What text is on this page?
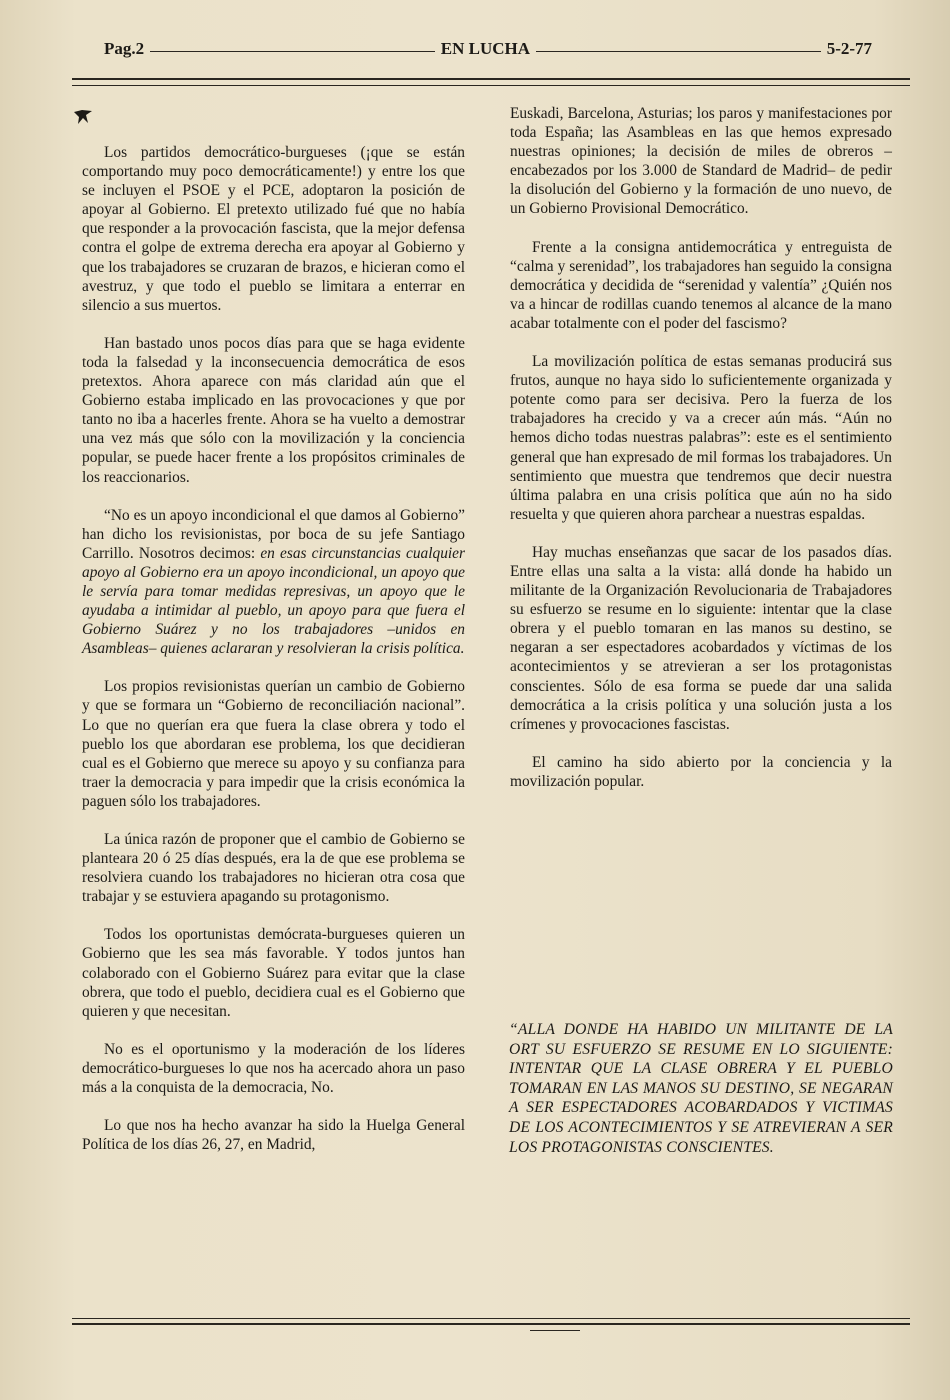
Pag.2	EN LUCHA	5-2-77

Los partidos democrático-burgueses (¡que se están comportando muy poco democráticamente!) y entre los que se incluyen el PSOE y el PCE, adoptaron la posición de apoyar al Gobierno. El pretexto utilizado fué que no había que responder a la provocación fascista, que la mejor defensa contra el golpe de extrema derecha era apoyar al Gobierno y que los trabajadores se cruzaran de brazos, e hicieran como el avestruz, y que todo el pueblo se limitara a enterrar en silencio a sus muertos.

Han bastado unos pocos días para que se haga evidente toda la falsedad y la inconsecuencia democrática de esos pretextos. Ahora aparece con más claridad aún que el Gobierno estaba implicado en las provocaciones y que por tanto no iba a hacerles frente. Ahora se ha vuelto a demostrar una vez más que sólo con la movilización y la conciencia popular, se puede hacer frente a los propósitos criminales de los reaccionarios.

“No es un apoyo incondicional el que damos al Gobierno” han dicho los revisionistas, por boca de su jefe Santiago Carrillo. Nosotros decimos: en esas circunstancias cualquier apoyo al Gobierno era un apoyo incondicional, un apoyo que le servía para tomar medidas represivas, un apoyo que le ayudaba a intimidar al pueblo, un apoyo para que fuera el Gobierno Suárez y no los trabajadores –unidos en Asambleas– quienes aclararan y resolvieran la crisis política.

Los propios revisionistas querían un cambio de Gobierno y que se formara un “Gobierno de reconciliación nacional”. Lo que no querían era que fuera la clase obrera y todo el pueblo los que abordaran ese problema, los que decidieran cual es el Gobierno que merece su apoyo y su confianza para traer la democracia y para impedir que la crisis económica la paguen sólo los trabajadores.

La única razón de proponer que el cambio de Gobierno se planteara 20 ó 25 días después, era la de que ese problema se resolviera cuando los trabajadores no hicieran otra cosa que trabajar y se estuviera apagando su protagonismo.

Todos los oportunistas demócrata-burgueses quieren un Gobierno que les sea más favorable. Y todos juntos han colaborado con el Gobierno Suárez para evitar que la clase obrera, que todo el pueblo, decidiera cual es el Gobierno que quieren y que necesitan.

No es el oportunismo y la moderación de los líderes democrático-burgueses lo que nos ha acercado ahora un paso más a la conquista de la democracia, No.

Lo que nos ha hecho avanzar ha sido la Huelga General Política de los días 26, 27, en Madrid,

Euskadi, Barcelona, Asturias; los paros y manifestaciones por toda España; las Asambleas en las que hemos expresado nuestras opiniones; la decisión de miles de obreros –encabezados por los 3.000 de Standard de Madrid– de pedir la disolución del Gobierno y la formación de uno nuevo, de un Gobierno Provisional Democrático.

Frente a la consigna antidemocrática y entreguista de “calma y serenidad”, los trabajadores han seguido la consigna democrática y decidida de “serenidad y valentía” ¿Quién nos va a hincar de rodillas cuando tenemos al alcance de la mano acabar totalmente con el poder del fascismo?

La movilización política de estas semanas producirá sus frutos, aunque no haya sido lo suficientemente organizada y potente como para ser decisiva. Pero la fuerza de los trabajadores ha crecido y va a crecer aún más. “Aún no hemos dicho todas nuestras palabras”: este es el sentimiento general que han expresado de mil formas los trabajadores. Un sentimiento que muestra que tendremos que decir nuestra última palabra en una crisis política que aún no ha sido resuelta y que quieren ahora parchear a nuestras espaldas.

Hay muchas enseñanzas que sacar de los pasados días. Entre ellas una salta a la vista: allá donde ha habido un militante de la Organización Revolucionaria de Trabajadores su esfuerzo se resume en lo siguiente: intentar que la clase obrera y el pueblo tomaran en las manos su destino, se negaran a ser espectadores acobardados y víctimas de los acontecimientos y se atrevieran a ser los protagonistas conscientes. Sólo de esa forma se puede dar una salida democrática a la crisis política y una solución justa a los crímenes y provocaciones fascistas.

El camino ha sido abierto por la conciencia y la movilización popular.

“ALLA DONDE HA HABIDO UN MILITANTE DE LA ORT SU ESFUERZO SE RESUME EN LO SIGUIENTE: INTENTAR QUE LA CLASE OBRERA Y EL PUEBLO TOMARAN EN LAS MANOS SU DESTINO, SE NEGARAN A SER ESPECTADORES ACOBARDADOS Y VICTIMAS DE LOS ACONTECIMIENTOS Y SE ATREVIERAN A SER LOS PROTAGONISTAS CONSCIENTES.
